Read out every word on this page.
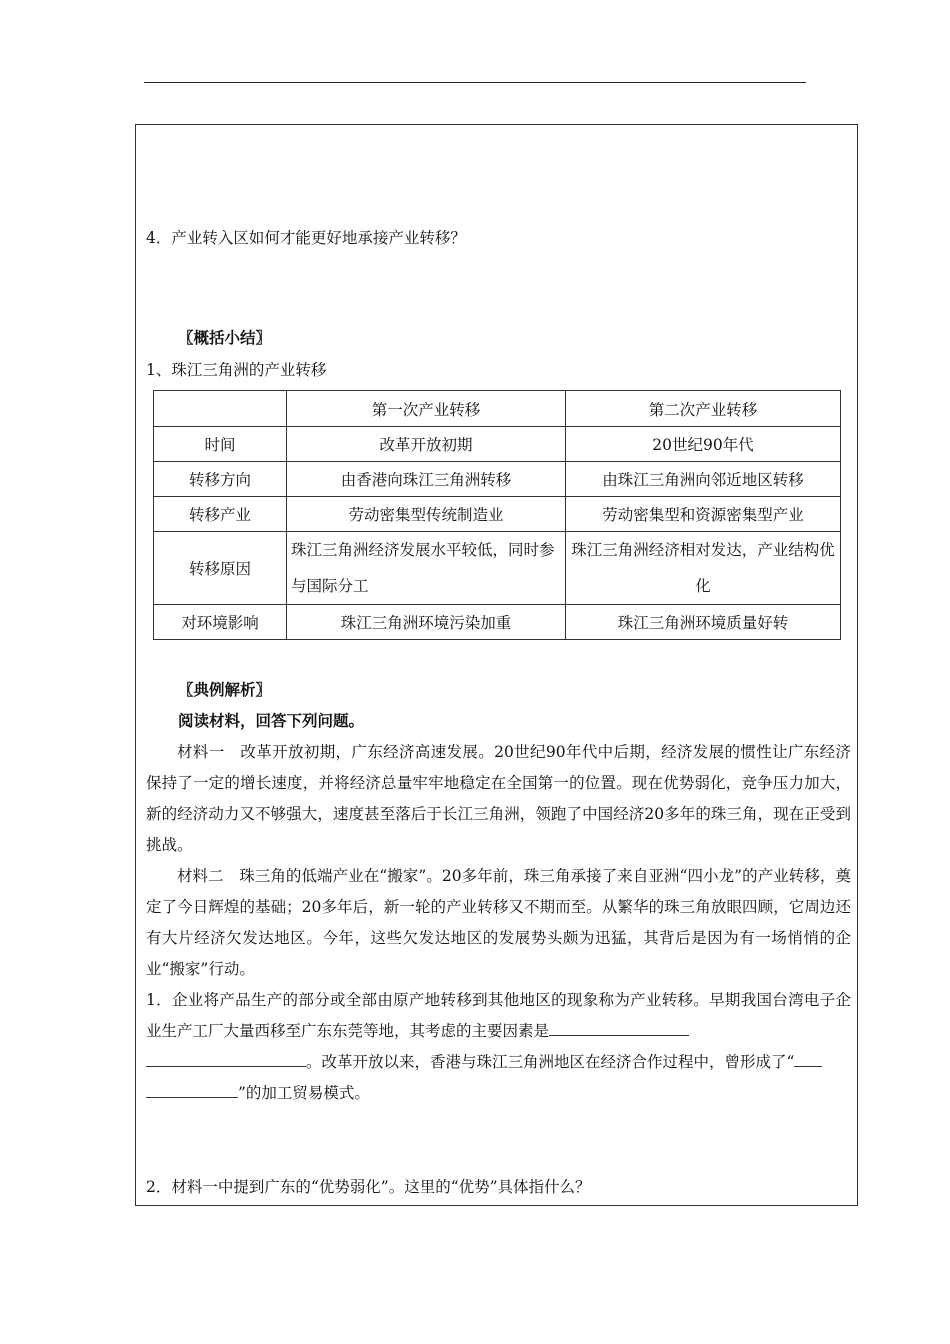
4．产业转入区如何才能更好地承接产业转移？
〖概括小结〗
1、珠江三角洲的产业转移
	第一次产业转移	第二次产业转移
时间	改革开放初期	20世纪90年代
转移方向	由香港向珠江三角洲转移	由珠江三角洲向邻近地区转移
转移产业	劳动密集型传统制造业	劳动密集型和资源密集型产业
转移原因	珠江三角洲经济发展水平较低，同时参与国际分工	珠江三角洲经济相对发达，产业结构优化
对环境影响	珠江三角洲环境污染加重	珠江三角洲环境质量好转
〖典例解析〗
阅读材料，回答下列问题。
材料一　改革开放初期，广东经济高速发展。20世纪90年代中后期，经济发展的惯性让广东经济保持了一定的增长速度，并将经济总量牢牢地稳定在全国第一的位置。现在优势弱化，竞争压力加大，新的经济动力又不够强大，速度甚至落后于长江三角洲，领跑了中国经济20多年的珠三角，现在正受到挑战。
材料二　珠三角的低端产业在“搬家”。20多年前，珠三角承接了来自亚洲“四小龙”的产业转移，奠定了今日辉煌的基础；20多年后，新一轮的产业转移又不期而至。从繁华的珠三角放眼四顾，它周边还有大片经济欠发达地区。今年，这些欠发达地区的发展势头颇为迅猛，其背后是因为有一场悄悄的企业“搬家”行动。
1．企业将产品生产的部分或全部由原产地转移到其他地区的现象称为产业转移。早期我国台湾电子企业生产工厂大量西移至广东东莞等地，其考虑的主要因素是
。改革开放以来，香港与珠江三角洲地区在经济合作过程中，曾形成了“
”的加工贸易模式。
2．材料一中提到广东的“优势弱化”。这里的“优势”具体指什么？
